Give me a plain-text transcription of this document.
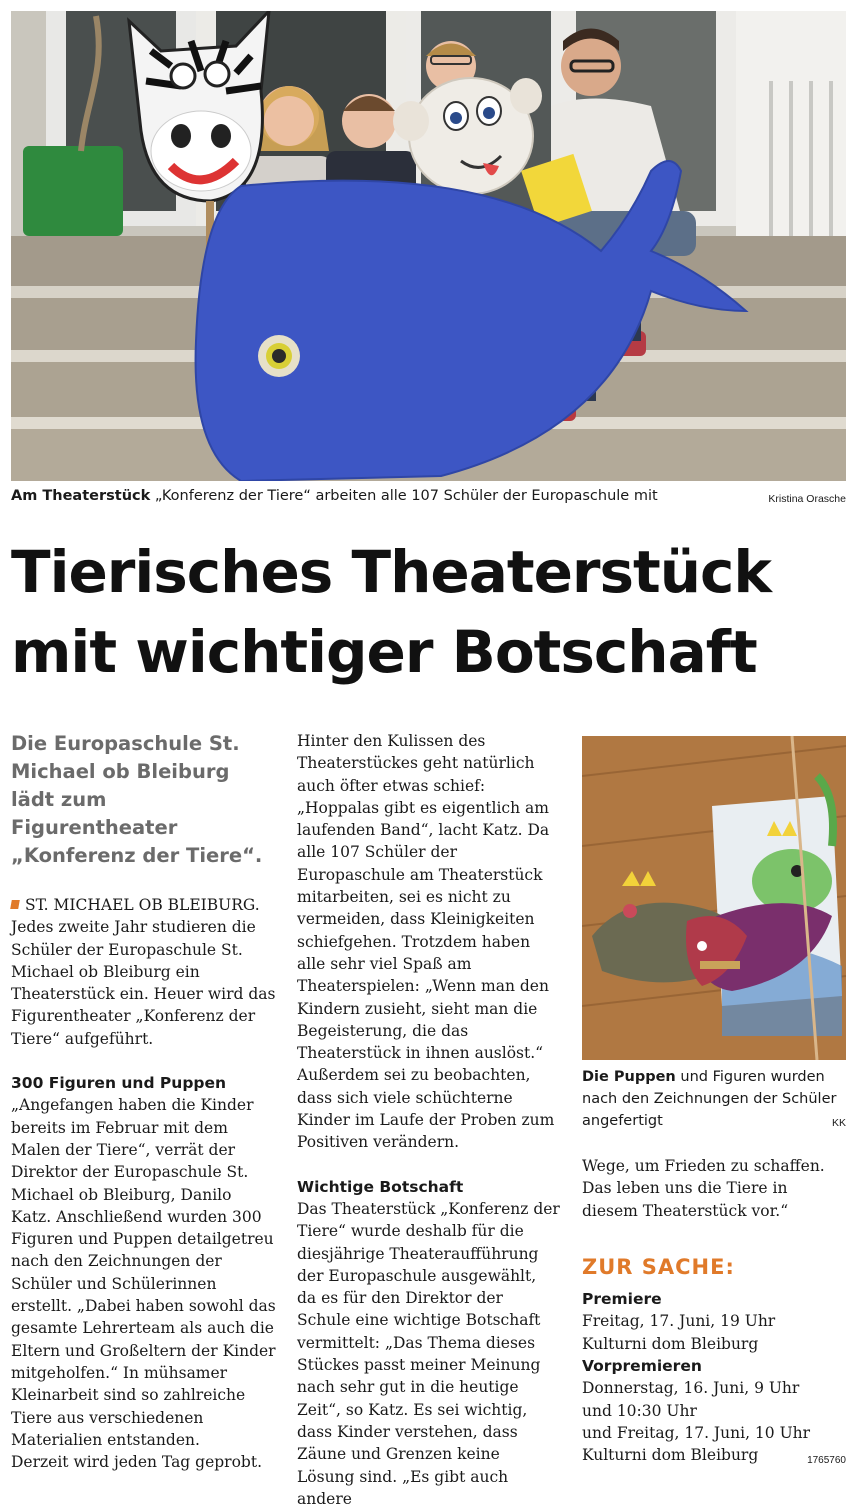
Am Theaterstück „Konferenz der Tiere“ arbeiten alle 107 Schüler der Europaschule mit	Kristina Orasche
Tierisches Theaterstück
mit wichtiger Botschaft

Die Europaschule St. Michael ob Bleiburg lädt zum Figurentheater „Konferenz der Tiere“.

ST. MICHAEL OB BLEIBURG. Jedes zweite Jahr studieren die Schüler der Europaschule St. Michael ob Bleiburg ein Theaterstück ein. Heuer wird das Figurentheater „Konferenz der Tiere“ aufgeführt.

300 Figuren und Puppen

„Angefangen haben die Kinder bereits im Februar mit dem Malen der Tiere“, verrät der Direktor der Europaschule St. Michael ob Bleiburg, Danilo Katz. Anschließend wurden 300 Figuren und Puppen detailgetreu nach den Zeichnungen der Schüler und Schülerinnen erstellt. „Dabei haben sowohl das gesamte Lehrerteam als auch die Eltern und Großeltern der Kinder mitgeholfen.“ In mühsamer Kleinarbeit sind so zahlreiche Tiere aus verschiedenen Materialien entstanden.

Derzeit wird jeden Tag geprobt.

Hinter den Kulissen des Theaterstückes geht natürlich auch öfter etwas schief: „Hoppalas gibt es eigentlich am laufenden Band“, lacht Katz. Da alle 107 Schüler der Europaschule am Theaterstück mitarbeiten, sei es nicht zu vermeiden, dass Kleinigkeiten schiefgehen. Trotzdem haben alle sehr viel Spaß am Theaterspielen: „Wenn man den Kindern zusieht, sieht man die Begeisterung, die das Theaterstück in ihnen auslöst.“ Außerdem sei zu beobachten, dass sich viele schüchterne Kinder im Laufe der Proben zum Positiven verändern.

Wichtige Botschaft

Das Theaterstück „Konferenz der Tiere“ wurde deshalb für die diesjährige Theateraufführung der Europaschule ausgewählt, da es für den Direktor der Schule eine wichtige Botschaft vermittelt: „Das Thema dieses Stückes passt meiner Meinung nach sehr gut in die heutige Zeit“, so Katz. Es sei wichtig, dass Kinder verstehen, dass Zäune und Grenzen keine Lösung sind. „Es gibt auch andere

Die Puppen und Figuren wurden nach den Zeichnungen der Schüler angefertigt	KK

Wege, um Frieden zu schaffen. Das leben uns die Tiere in diesem Theaterstück vor.“

ZUR SACHE:

Premiere

Freitag, 17. Juni, 19 Uhr

Kulturni dom Bleiburg

Vorpremieren

Donnerstag, 16. Juni, 9 Uhr

und 10:30 Uhr

und Freitag, 17. Juni, 10 Uhr

Kulturni dom Bleiburg	1765760
